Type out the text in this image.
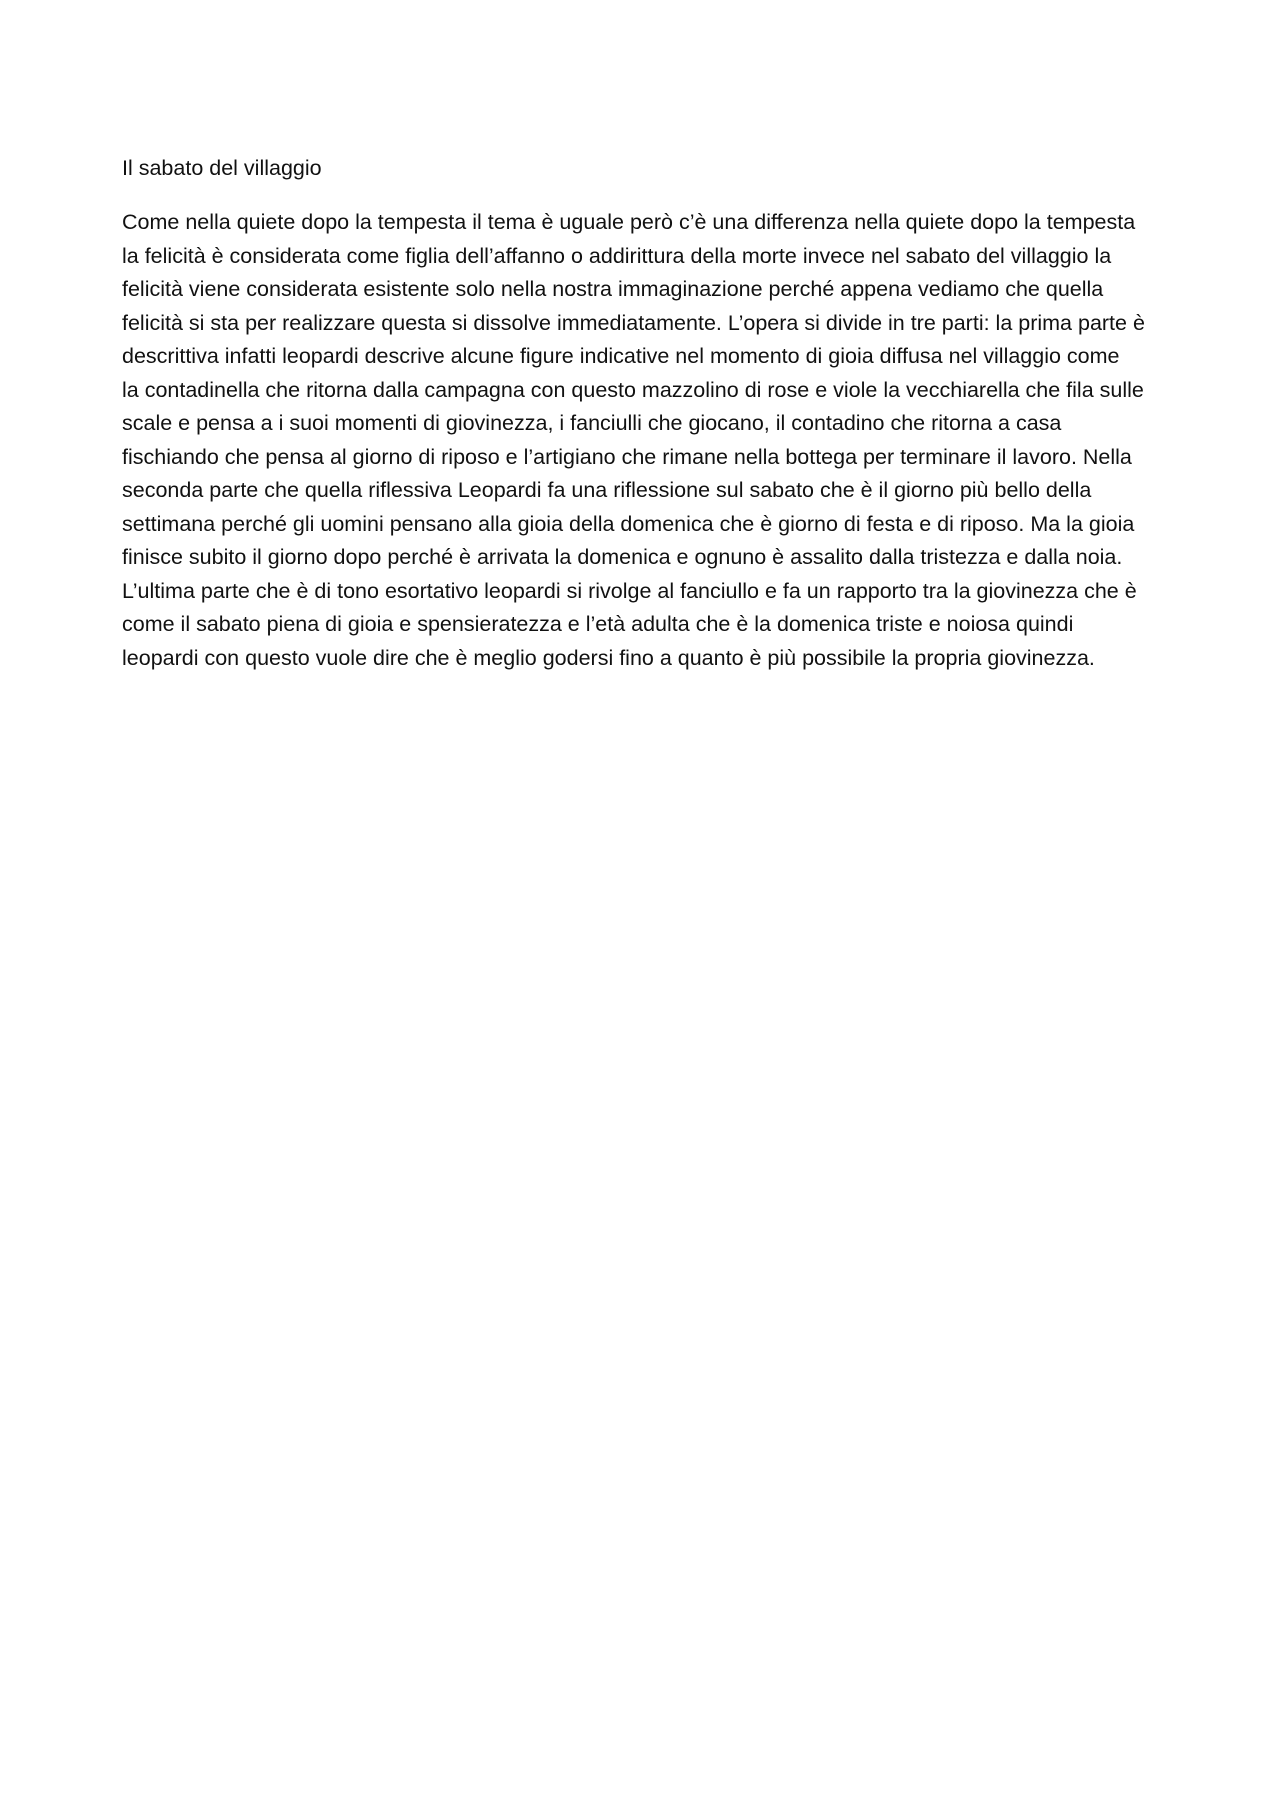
Il sabato del villaggio

Come nella quiete dopo la tempesta il tema è uguale però c’è una differenza nella quiete dopo la tempesta
la felicità è considerata come figlia dell’affanno o addirittura della morte invece nel sabato del villaggio la
felicità viene considerata esistente solo nella nostra immaginazione perché appena vediamo che quella
felicità si sta per realizzare questa si dissolve immediatamente. L’opera si divide in tre parti: la prima parte è
descrittiva infatti leopardi descrive alcune figure indicative nel momento di gioia diffusa nel villaggio come
la contadinella che ritorna dalla campagna con questo mazzolino di rose e viole la vecchiarella che fila sulle
scale e pensa a i suoi momenti di giovinezza, i fanciulli che giocano, il contadino che ritorna a casa
fischiando che pensa al giorno di riposo e l’artigiano che rimane nella bottega per terminare il lavoro. Nella
seconda parte che quella riflessiva Leopardi fa una riflessione sul sabato che è il giorno più bello della
settimana perché gli uomini pensano alla gioia della domenica che è giorno di festa e di riposo. Ma la gioia
finisce subito il giorno dopo perché è arrivata la domenica e ognuno è assalito dalla tristezza e dalla noia.
L’ultima parte che è di tono esortativo leopardi si rivolge al fanciullo e fa un rapporto tra la giovinezza che è
come il sabato piena di gioia e spensieratezza e l’età adulta che è la domenica triste e noiosa quindi
leopardi con questo vuole dire che è meglio godersi fino a quanto è più possibile la propria giovinezza.
